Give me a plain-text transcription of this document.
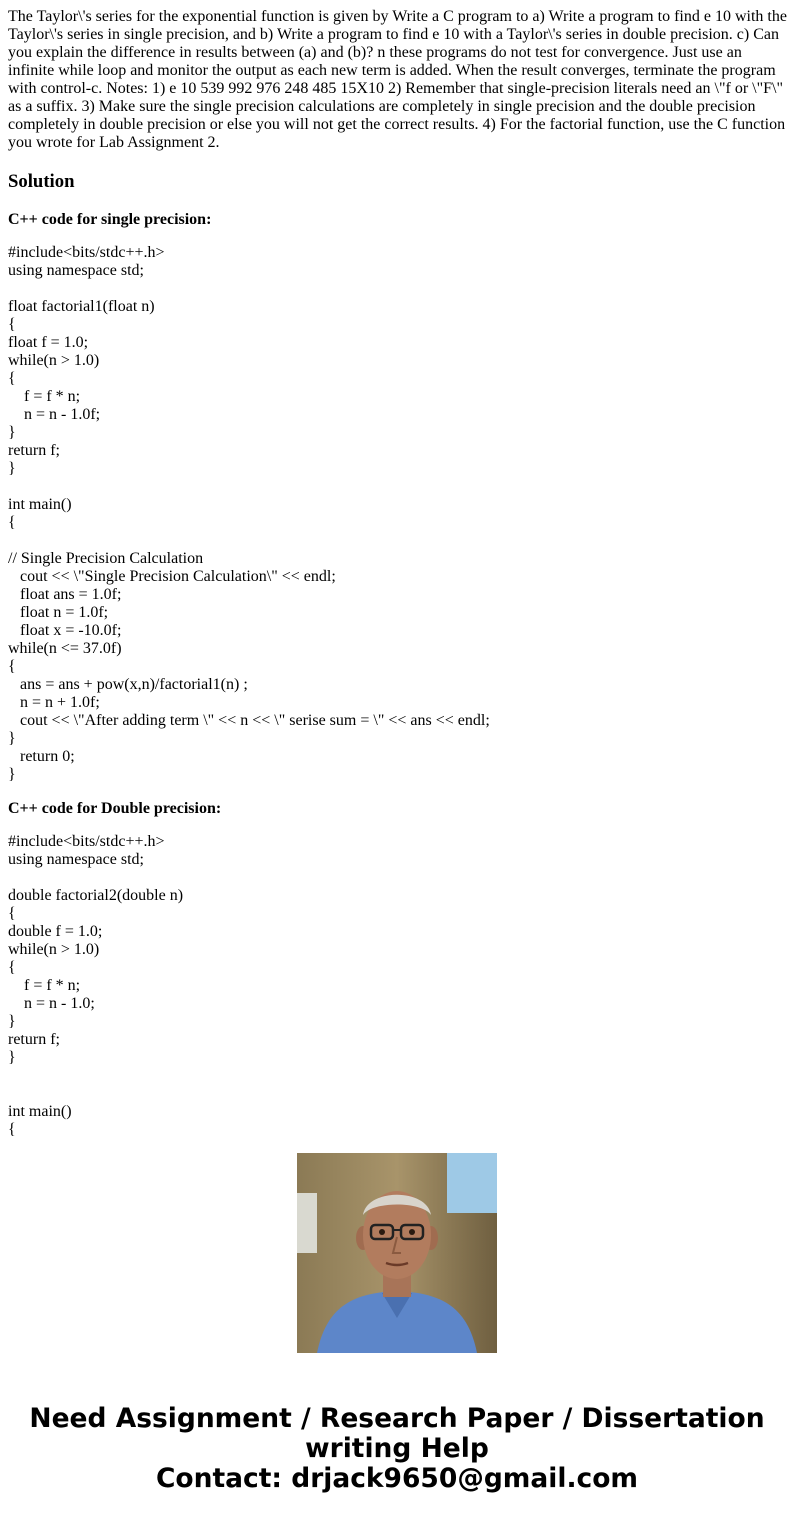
The Taylor\'s series for the exponential function is given by Write a C program to a) Write a program to find e 10 with the Taylor\'s series in single precision, and b) Write a program to find e 10 with a Taylor\'s series in double precision. c) Can you explain the difference in results between (a) and (b)? n these programs do not test for convergence. Just use an infinite while loop and monitor the output as each new term is added. When the result converges, terminate the program with control-c. Notes: 1) e 10 539 992 976 248 485 15X10 2) Remember that single-precision literals need an \"f or \"F\" as a suffix. 3) Make sure the single precision calculations are completely in single precision and the double precision completely in double precision or else you will not get the correct results. 4) For the factorial function, use the C function you wrote for Lab Assignment 2.
Solution
C++ code for single precision:
#include<bits/stdc++.h>
using namespace std;

float factorial1(float n)
{
float f = 1.0;
while(n > 1.0)
{
f = f * n;
n = n - 1.0f;
}
return f;
}

int main()
{

// Single Precision Calculation
cout << \"Single Precision Calculation\" << endl;
float ans = 1.0f;
float n = 1.0f;
float x = -10.0f;
while(n <= 37.0f)
{
ans = ans + pow(x,n)/factorial1(n) ;
n = n + 1.0f;
cout << \"After adding term \" << n << \" serise sum = \" << ans << endl;
}
return 0;
}
C++ code for Double precision:
#include<bits/stdc++.h>
using namespace std;

double factorial2(double n)
{
double f = 1.0;
while(n > 1.0)
{
f = f * n;
n = n - 1.0;
}
return f;
}

int main()
{
Need Assignment / Research Paper / Dissertation
writing Help
Contact: drjack9650@gmail.com
